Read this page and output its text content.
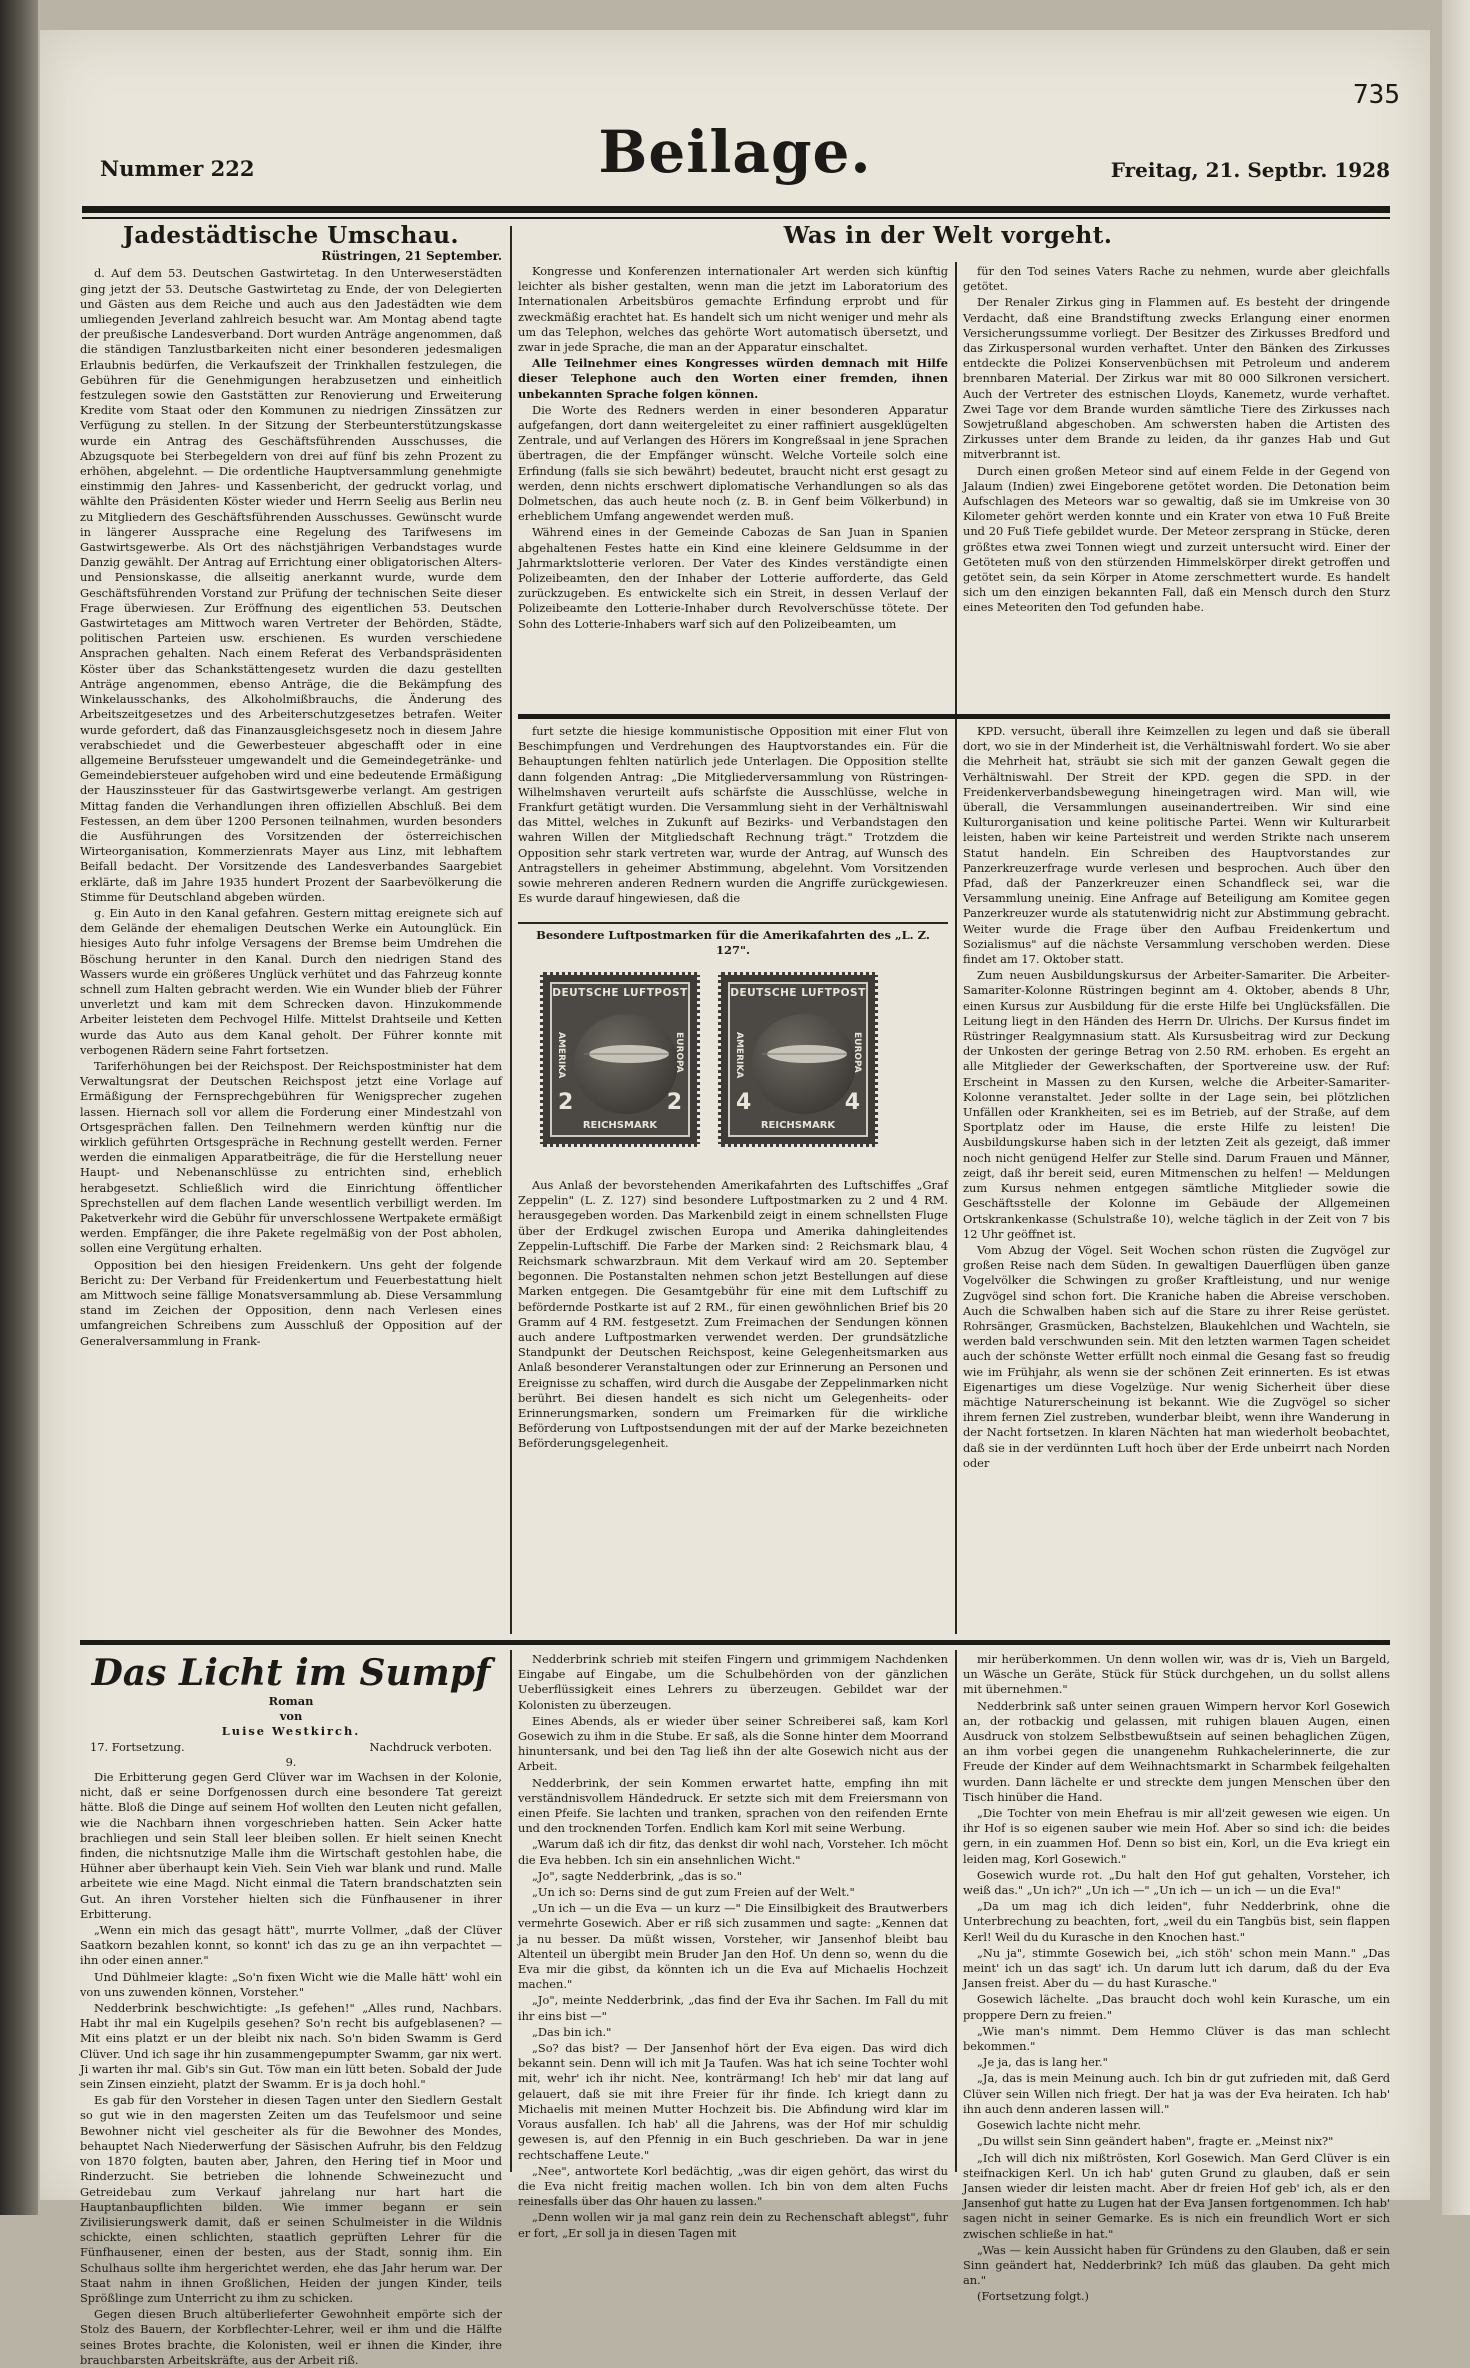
735
Nummer 222	Beilage.	Freitag, 21. Septbr. 1928
Jadestädtische Umschau.
Rüstringen, 21 September.

d. Auf dem 53. Deutschen Gastwirtetag. In den Unterweserstädten ging jetzt der 53. Deutsche Gastwirtetag zu Ende, der von Delegierten und Gästen aus dem Reiche und auch aus den Jadestädten wie dem umliegenden Jeverland zahlreich besucht war. Am Montag abend tagte der preußische Landesverband. Dort wurden Anträge angenommen, daß die ständigen Tanzlustbarkeiten nicht einer besonderen jedesmaligen Erlaubnis bedürfen, die Verkaufszeit der Trinkhallen festzulegen, die Gebühren für die Genehmigungen herabzusetzen und einheitlich festzulegen sowie den Gaststätten zur Renovierung und Erweiterung Kredite vom Staat oder den Kommunen zu niedrigen Zinssätzen zur Verfügung zu stellen. In der Sitzung der Sterbeunterstützungskasse wurde ein Antrag des Geschäftsführenden Ausschusses, die Abzugsquote bei Sterbegeldern von drei auf fünf bis zehn Prozent zu erhöhen, abgelehnt. — Die ordentliche Hauptversammlung genehmigte einstimmig den Jahres- und Kassenbericht, der gedruckt vorlag, und wählte den Präsidenten Köster wieder und Herrn Seelig aus Berlin neu zu Mitgliedern des Geschäftsführenden Ausschusses. Gewünscht wurde in längerer Aussprache eine Regelung des Tarifwesens im Gastwirtsgewerbe. Als Ort des nächstjährigen Verbandstages wurde Danzig gewählt. Der Antrag auf Errichtung einer obligatorischen Alters- und Pensionskasse, die allseitig anerkannt wurde, wurde dem Geschäftsführenden Vorstand zur Prüfung der technischen Seite dieser Frage überwiesen. Zur Eröffnung des eigentlichen 53. Deutschen Gastwirtetages am Mittwoch waren Vertreter der Behörden, Städte, politischen Parteien usw. erschienen. Es wurden verschiedene Ansprachen gehalten. Nach einem Referat des Verbandspräsidenten Köster über das Schankstättengesetz wurden die dazu gestellten Anträge angenommen, ebenso Anträge, die die Bekämpfung des Winkelausschanks, des Alkoholmißbrauchs, die Änderung des Arbeitszeitgesetzes und des Arbeiterschutzgesetzes betrafen. Weiter wurde gefordert, daß das Finanzausgleichsgesetz noch in diesem Jahre verabschiedet und die Gewerbesteuer abgeschafft oder in eine allgemeine Berufssteuer umgewandelt und die Gemeindegetränke- und Gemeindebiersteuer aufgehoben wird und eine bedeutende Ermäßigung der Hauszinssteuer für das Gastwirtsgewerbe verlangt. Am gestrigen Mittag fanden die Verhandlungen ihren offiziellen Abschluß. Bei dem Festessen, an dem über 1200 Personen teilnahmen, wurden besonders die Ausführungen des Vorsitzenden der österreichischen Wirteorganisation, Kommerzienrats Mayer aus Linz, mit lebhaftem Beifall bedacht. Der Vorsitzende des Landesverbandes Saargebiet erklärte, daß im Jahre 1935 hundert Prozent der Saarbevölkerung die Stimme für Deutschland abgeben würden.

g. Ein Auto in den Kanal gefahren. Gestern mittag ereignete sich auf dem Gelände der ehemaligen Deutschen Werke ein Autounglück. Ein hiesiges Auto fuhr infolge Versagens der Bremse beim Umdrehen die Böschung herunter in den Kanal. Durch den niedrigen Stand des Wassers wurde ein größeres Unglück verhütet und das Fahrzeug konnte schnell zum Halten gebracht werden. Wie ein Wunder blieb der Führer unverletzt und kam mit dem Schrecken davon. Hinzukommende Arbeiter leisteten dem Pechvogel Hilfe. Mittelst Drahtseile und Ketten wurde das Auto aus dem Kanal geholt. Der Führer konnte mit verbogenen Rädern seine Fahrt fortsetzen.

Tariferhöhungen bei der Reichspost. Der Reichspostminister hat dem Verwaltungsrat der Deutschen Reichspost jetzt eine Vorlage auf Ermäßigung der Fernsprechgebühren für Wenigsprecher zugehen lassen. Hiernach soll vor allem die Forderung einer Mindestzahl von Ortsgesprächen fallen. Den Teilnehmern werden künftig nur die wirklich geführten Ortsgespräche in Rechnung gestellt werden. Ferner werden die einmaligen Apparatbeiträge, die für die Herstellung neuer Haupt- und Nebenanschlüsse zu entrichten sind, erheblich herabgesetzt. Schließlich wird die Einrichtung öffentlicher Sprechstellen auf dem flachen Lande wesentlich verbilligt werden. Im Paketverkehr wird die Gebühr für unverschlossene Wertpakete ermäßigt werden. Empfänger, die ihre Pakete regelmäßig von der Post abholen, sollen eine Vergütung erhalten.

Opposition bei den hiesigen Freidenkern. Uns geht der folgende Bericht zu: Der Verband für Freidenkertum und Feuerbestattung hielt am Mittwoch seine fällige Monatsversammlung ab. Diese Versammlung stand im Zeichen der Opposition, denn nach Verlesen eines umfangreichen Schreibens zum Ausschluß der Opposition auf der Generalversammlung in Frank-

Was in der Welt vorgeht.

Kongresse und Konferenzen internationaler Art werden sich künftig leichter als bisher gestalten, wenn man die jetzt im Laboratorium des Internationalen Arbeitsbüros gemachte Erfindung erprobt und für zweckmäßig erachtet hat. Es handelt sich um nicht weniger und mehr als um das Telephon, welches das gehörte Wort automatisch übersetzt, und zwar in jede Sprache, die man an der Apparatur einschaltet.

Alle Teilnehmer eines Kongresses würden demnach mit Hilfe dieser Telephone auch den Worten einer fremden, ihnen unbekannten Sprache folgen können.

Die Worte des Redners werden in einer besonderen Apparatur aufgefangen, dort dann weitergeleitet zu einer raffiniert ausgeklügelten Zentrale, und auf Verlangen des Hörers im Kongreßsaal in jene Sprachen übertragen, die der Empfänger wünscht. Welche Vorteile solch eine Erfindung (falls sie sich bewährt) bedeutet, braucht nicht erst gesagt zu werden, denn nichts erschwert diplomatische Verhandlungen so als das Dolmetschen, das auch heute noch (z. B. in Genf beim Völkerbund) in erheblichem Umfang angewendet werden muß.

Während eines in der Gemeinde Cabozas de San Juan in Spanien abgehaltenen Festes hatte ein Kind eine kleinere Geldsumme in der Jahrmarktslotterie verloren. Der Vater des Kindes verständigte einen Polizeibeamten, den der Inhaber der Lotterie aufforderte, das Geld zurückzugeben. Es entwickelte sich ein Streit, in dessen Verlauf der Polizeibeamte den Lotterie-Inhaber durch Revolverschüsse tötete. Der Sohn des Lotterie-Inhabers warf sich auf den Polizeibeamten, um

für den Tod seines Vaters Rache zu nehmen, wurde aber gleichfalls getötet.

Der Renaler Zirkus ging in Flammen auf. Es besteht der dringende Verdacht, daß eine Brandstiftung zwecks Erlangung einer enormen Versicherungssumme vorliegt. Der Besitzer des Zirkusses Bredford und das Zirkuspersonal wurden verhaftet. Unter den Bänken des Zirkusses entdeckte die Polizei Konservenbüchsen mit Petroleum und anderem brennbaren Material. Der Zirkus war mit 80 000 Silkronen versichert. Auch der Vertreter des estnischen Lloyds, Kanemetz, wurde verhaftet. Zwei Tage vor dem Brande wurden sämtliche Tiere des Zirkusses nach Sowjetrußland abgeschoben. Am schwersten haben die Artisten des Zirkusses unter dem Brande zu leiden, da ihr ganzes Hab und Gut mitverbrannt ist.

Durch einen großen Meteor sind auf einem Felde in der Gegend von Jalaum (Indien) zwei Eingeborene getötet worden. Die Detonation beim Aufschlagen des Meteors war so gewaltig, daß sie im Umkreise von 30 Kilometer gehört werden konnte und ein Krater von etwa 10 Fuß Breite und 20 Fuß Tiefe gebildet wurde. Der Meteor zersprang in Stücke, deren größtes etwa zwei Tonnen wiegt und zurzeit untersucht wird. Einer der Getöteten muß von den stürzenden Himmelskörper direkt getroffen und getötet sein, da sein Körper in Atome zerschmettert wurde. Es handelt sich um den einzigen bekannten Fall, daß ein Mensch durch den Sturz eines Meteoriten den Tod gefunden habe.

furt setzte die hiesige kommunistische Opposition mit einer Flut von Beschimpfungen und Verdrehungen des Hauptvorstandes ein. Für die Behauptungen fehlten natürlich jede Unterlagen. Die Opposition stellte dann folgenden Antrag: „Die Mitgliederversammlung von Rüstringen-Wilhelmshaven verurteilt aufs schärfste die Ausschlüsse, welche in Frankfurt getätigt wurden. Die Versammlung sieht in der Verhältniswahl das Mittel, welches in Zukunft auf Bezirks- und Verbandstagen den wahren Willen der Mitgliedschaft Rechnung trägt." Trotzdem die Opposition sehr stark vertreten war, wurde der Antrag, auf Wunsch des Antragstellers in geheimer Abstimmung, abgelehnt. Vom Vorsitzenden sowie mehreren anderen Rednern wurden die Angriffe zurückgewiesen. Es wurde darauf hingewiesen, daß die

Besondere Luftpostmarken für die Amerikafahrten des „L. Z. 127".
DEUTSCHE LUFTPOST
AMERIKA	EUROPA
2	2
REICHSMARK
DEUTSCHE LUFTPOST
AMERIKA	EUROPA
4	4
REICHSMARK

Aus Anlaß der bevorstehenden Amerikafahrten des Luftschiffes „Graf Zeppelin" (L. Z. 127) sind besondere Luftpostmarken zu 2 und 4 RM. herausgegeben worden. Das Markenbild zeigt in einem schnellsten Fluge über der Erdkugel zwischen Europa und Amerika dahingleitendes Zeppelin-Luftschiff. Die Farbe der Marken sind: 2 Reichsmark blau, 4 Reichsmark schwarzbraun. Mit dem Verkauf wird am 20. September begonnen. Die Postanstalten nehmen schon jetzt Bestellungen auf diese Marken entgegen. Die Gesamtgebühr für eine mit dem Luftschiff zu befördernde Postkarte ist auf 2 RM., für einen gewöhnlichen Brief bis 20 Gramm auf 4 RM. festgesetzt. Zum Freimachen der Sendungen können auch andere Luftpostmarken verwendet werden. Der grundsätzliche Standpunkt der Deutschen Reichspost, keine Gelegenheitsmarken aus Anlaß besonderer Veranstaltungen oder zur Erinnerung an Personen und Ereignisse zu schaffen, wird durch die Ausgabe der Zeppelinmarken nicht berührt. Bei diesen handelt es sich nicht um Gelegenheits- oder Erinnerungsmarken, sondern um Freimarken für die wirkliche Beförderung von Luftpostsendungen mit der auf der Marke bezeichneten Beförderungsgelegenheit.

KPD. versucht, überall ihre Keimzellen zu legen und daß sie überall dort, wo sie in der Minderheit ist, die Verhältniswahl fordert. Wo sie aber die Mehrheit hat, sträubt sie sich mit der ganzen Gewalt gegen die Verhältniswahl. Der Streit der KPD. gegen die SPD. in der Freidenkerverbandsbewegung hineingetragen wird. Man will, wie überall, die Versammlungen auseinandertreiben. Wir sind eine Kulturorganisation und keine politische Partei. Wenn wir Kulturarbeit leisten, haben wir keine Parteistreit und werden Strikte nach unserem Statut handeln. Ein Schreiben des Hauptvorstandes zur Panzerkreuzerfrage wurde verlesen und besprochen. Auch über den Pfad, daß der Panzerkreuzer einen Schandfleck sei, war die Versammlung uneinig. Eine Anfrage auf Beteiligung am Komitee gegen Panzerkreuzer wurde als statutenwidrig nicht zur Abstimmung gebracht. Weiter wurde die Frage über den Aufbau Freidenkertum und Sozialismus" auf die nächste Versammlung verschoben werden. Diese findet am 17. Oktober statt.

Zum neuen Ausbildungskursus der Arbeiter-Samariter. Die Arbeiter-Samariter-Kolonne Rüstringen beginnt am 4. Oktober, abends 8 Uhr, einen Kursus zur Ausbildung für die erste Hilfe bei Unglücksfällen. Die Leitung liegt in den Händen des Herrn Dr. Ulrichs. Der Kursus findet im Rüstringer Realgymnasium statt. Als Kursusbeitrag wird zur Deckung der Unkosten der geringe Betrag von 2.50 RM. erhoben. Es ergeht an alle Mitglieder der Gewerkschaften, der Sportvereine usw. der Ruf: Erscheint in Massen zu den Kursen, welche die Arbeiter-Samariter-Kolonne veranstaltet. Jeder sollte in der Lage sein, bei plötzlichen Unfällen oder Krankheiten, sei es im Betrieb, auf der Straße, auf dem Sportplatz oder im Hause, die erste Hilfe zu leisten! Die Ausbildungskurse haben sich in der letzten Zeit als gezeigt, daß immer noch nicht genügend Helfer zur Stelle sind. Darum Frauen und Männer, zeigt, daß ihr bereit seid, euren Mitmenschen zu helfen! — Meldungen zum Kursus nehmen entgegen sämtliche Mitglieder sowie die Geschäftsstelle der Kolonne im Gebäude der Allgemeinen Ortskrankenkasse (Schulstraße 10), welche täglich in der Zeit von 7 bis 12 Uhr geöffnet ist.

Vom Abzug der Vögel. Seit Wochen schon rüsten die Zugvögel zur großen Reise nach dem Süden. In gewaltigen Dauerflügen üben ganze Vogelvölker die Schwingen zu großer Kraftleistung, und nur wenige Zugvögel sind schon fort. Die Kraniche haben die Abreise verschoben. Auch die Schwalben haben sich auf die Stare zu ihrer Reise gerüstet. Rohrsänger, Grasmücken, Bachstelzen, Blaukehlchen und Wachteln, sie werden bald verschwunden sein. Mit den letzten warmen Tagen scheidet auch der schönste Wetter erfüllt noch einmal die Gesang fast so freudig wie im Frühjahr, als wenn sie der schönen Zeit erinnerten. Es ist etwas Eigenartiges um diese Vogelzüge. Nur wenig Sicherheit über diese mächtige Naturerscheinung ist bekannt. Wie die Zugvögel so sicher ihrem fernen Ziel zustreben, wunderbar bleibt, wenn ihre Wanderung in der Nacht fortsetzen. In klaren Nächten hat man wiederholt beobachtet, daß sie in der verdünnten Luft hoch über der Erde unbeirrt nach Norden oder

Das Licht im Sumpf
Roman
von
Luise Westkirch.
17. Fortsetzung.	Nachdruck verboten.
9.

Die Erbitterung gegen Gerd Clüver war im Wachsen in der Kolonie, nicht, daß er seine Dorfgenossen durch eine besondere Tat gereizt hätte. Bloß die Dinge auf seinem Hof wollten den Leuten nicht gefallen, wie die Nachbarn ihnen vorgeschrieben hatten. Sein Acker hatte brachliegen und sein Stall leer bleiben sollen. Er hielt seinen Knecht finden, die nichtsnutzige Malle ihm die Wirtschaft gestohlen habe, die Hühner aber überhaupt kein Vieh. Sein Vieh war blank und rund. Malle arbeitete wie eine Magd. Nicht einmal die Tatern brandschatzten sein Gut. An ihren Vorsteher hielten sich die Fünfhausener in ihrer Erbitterung.

„Wenn ein mich das gesagt hätt", murrte Vollmer, „daß der Clüver Saatkorn bezahlen konnt, so konnt' ich das zu ge an ihn verpachtet — ihn oder einen anner."

Und Dühlmeier klagte: „So'n fixen Wicht wie die Malle hätt' wohl ein von uns zuwenden können, Vorsteher."

Nedderbrink beschwichtigte: „Is gefehen!" „Alles rund, Nachbars. Habt ihr mal ein Kugelpils gesehen? So'n recht bis aufgeblasenen? — Mit eins platzt er un der bleibt nix nach. So'n biden Swamm is Gerd Clüver. Und ich sage ihr hin zusammengepumpter Swamm, gar nix wert. Ji warten ihr mal. Gib's sin Gut. Töw man ein lütt beten. Sobald der Jude sein Zinsen einzieht, platzt der Swamm. Er is ja doch hohl."

Es gab für den Vorsteher in diesen Tagen unter den Siedlern Gestalt so gut wie in den magersten Zeiten um das Teufelsmoor und seine Bewohner nicht viel gescheiter als für die Bewohner des Mondes, behauptet Nach Niederwerfung der Säsischen Aufruhr, bis den Feldzug von 1870 folgten, bauten aber, Jahren, den Hering tief in Moor und Rinderzucht. Sie betrieben die lohnende Schweinezucht und Getreidebau zum Verkauf jahrelang nur hart hart die Hauptanbaupflichten bilden. Wie immer begann er sein Zivilisierungswerk damit, daß er seinen Schulmeister in die Wildnis schickte, einen schlichten, staatlich geprüften Lehrer für die Fünfhausener, einen der besten, aus der Stadt, sonnig ihm. Ein Schulhaus sollte ihm hergerichtet werden, ehe das Jahr herum war. Der Staat nahm in ihnen Großlichen, Heiden der jungen Kinder, teils Sprößlinge zum Unterricht zu ihm zu schicken.

Gegen diesen Bruch altüberlieferter Gewohnheit empörte sich der Stolz des Bauern, der Korbflechter-Lehrer, weil er ihm und die Hälfte seines Brotes brachte, die Kolonisten, weil er ihnen die Kinder, ihre brauchbarsten Arbeitskräfte, aus der Arbeit riß.

Nedderbrink schrieb mit steifen Fingern und grimmigem Nachdenken Eingabe auf Eingabe, um die Schulbehörden von der gänzlichen Ueberflüssigkeit eines Lehrers zu überzeugen. Gebildet war der Kolonisten zu überzeugen.

Eines Abends, als er wieder über seiner Schreiberei saß, kam Korl Gosewich zu ihm in die Stube. Er saß, als die Sonne hinter dem Moorrand hinuntersank, und bei den Tag ließ ihn der alte Gosewich nicht aus der Arbeit.

Nedderbrink, der sein Kommen erwartet hatte, empfing ihn mit verständnisvollem Händedruck. Er setzte sich mit dem Freiersmann von einen Pfeife. Sie lachten und tranken, sprachen von den reifenden Ernte und den trocknenden Torfen. Endlich kam Korl mit seine Werbung.

„Warum daß ich dir fitz, das denkst dir wohl nach, Vorsteher. Ich möcht die Eva hebben. Ich sin ein ansehnlichen Wicht."

„Jo", sagte Nedderbrink, „das is so."

„Un ich so: Derns sind de gut zum Freien auf der Welt."

„Un ich — un die Eva — un kurz —" Die Einsilbigkeit des Brautwerbers vermehrte Gosewich. Aber er riß sich zusammen und sagte: „Kennen dat ja nu besser. Da müßt wissen, Vorsteher, wir Jansenhof bleibt bau Altenteil un übergibt mein Bruder Jan den Hof. Un denn so, wenn du die Eva mir die gibst, da könnten ich un die Eva auf Michaelis Hochzeit machen."

„Jo", meinte Nedderbrink, „das find der Eva ihr Sachen. Im Fall du mit ihr eins bist —"

„Das bin ich."

„So? das bist? — Der Jansenhof hört der Eva eigen. Das wird dich bekannt sein. Denn will ich mit Ja Taufen. Was hat ich seine Tochter wohl mit, wehr' ich ihr nicht. Nee, konträrmang! Ich heb' mir dat lang auf gelauert, daß sie mit ihre Freier für ihr finde. Ich kriegt dann zu Michaelis mit meinen Mutter Hochzeit bis. Die Abfindung wird klar im Voraus ausfallen. Ich hab' all die Jahrens, was der Hof mir schuldig gewesen is, auf den Pfennig in ein Buch geschrieben. Da war in jene rechtschaffene Leute."

„Nee", antwortete Korl bedächtig, „was dir eigen gehört, das wirst du die Eva nicht freitig machen wollen. Ich bin von dem alten Fuchs reinesfalls über das Ohr hauen zu lassen."

„Denn wollen wir ja mal ganz rein dein zu Rechenschaft ablegst", fuhr er fort, „Er soll ja in diesen Tagen mit

mir herüberkommen. Un denn wollen wir, was dr is, Vieh un Bargeld, un Wäsche un Geräte, Stück für Stück durchgehen, un du sollst allens mit übernehmen."

Nedderbrink saß unter seinen grauen Wimpern hervor Korl Gosewich an, der rotbackig und gelassen, mit ruhigen blauen Augen, einen Ausdruck von stolzem Selbstbewußtsein auf seinen behaglichen Zügen, an ihm vorbei gegen die unangenehm Ruhkachelerinnerte, die zur Freude der Kinder auf dem Weihnachtsmarkt in Scharmbek feilgehalten wurden. Dann lächelte er und streckte dem jungen Menschen über den Tisch hinüber die Hand.

„Die Tochter von mein Ehefrau is mir all'zeit gewesen wie eigen. Un ihr Hof is so eigenen sauber wie mein Hof. Aber so sind ich: die beides gern, in ein zuammen Hof. Denn so bist ein, Korl, un die Eva kriegt ein leiden mag, Korl Gosewich."

Gosewich wurde rot. „Du halt den Hof gut gehalten, Vorsteher, ich weiß das." „Un ich?" „Un ich —" „Un ich — un ich — un die Eva!"

„Da um mag ich dich leiden", fuhr Nedderbrink, ohne die Unterbrechung zu beachten, fort, „weil du ein Tangbüs bist, sein flappen Kerl! Weil du du Kurasche in den Knochen hast."

„Nu ja", stimmte Gosewich bei, „ich stöh' schon mein Mann." „Das meint' ich un das sagt' ich. Un darum lutt ich darum, daß du der Eva Jansen freist. Aber du — du hast Kurasche."

Gosewich lächelte. „Das braucht doch wohl kein Kurasche, um ein proppere Dern zu freien."

„Wie man's nimmt. Dem Hemmo Clüver is das man schlecht bekommen."

„Je ja, das is lang her."

„Ja, das is mein Meinung auch. Ich bin dr gut zufrieden mit, daß Gerd Clüver sein Willen nich friegt. Der hat ja was der Eva heiraten. Ich hab' ihn auch denn anderen lassen will."

Gosewich lachte nicht mehr.

„Du willst sein Sinn geändert haben", fragte er. „Meinst nix?"

„Ich will dich nix mißtrösten, Korl Gosewich. Man Gerd Clüver is ein steifnackigen Kerl. Un ich hab' guten Grund zu glauben, daß er sein Jansen wieder dir leisten macht. Aber dr freien Hof geb' ich, als er den Jansenhof gut hatte zu Lugen hat der Eva Jansen fortgenommen. Ich hab' sagen nicht in seiner Gemarke. Es is nich ein freundlich Wort er sich zwischen schließe in hat."

„Was — kein Aussicht haben für Gründens zu den Glauben, daß er sein Sinn geändert hat, Nedderbrink? Ich müß das glauben. Da geht mich an."

(Fortsetzung folgt.)
